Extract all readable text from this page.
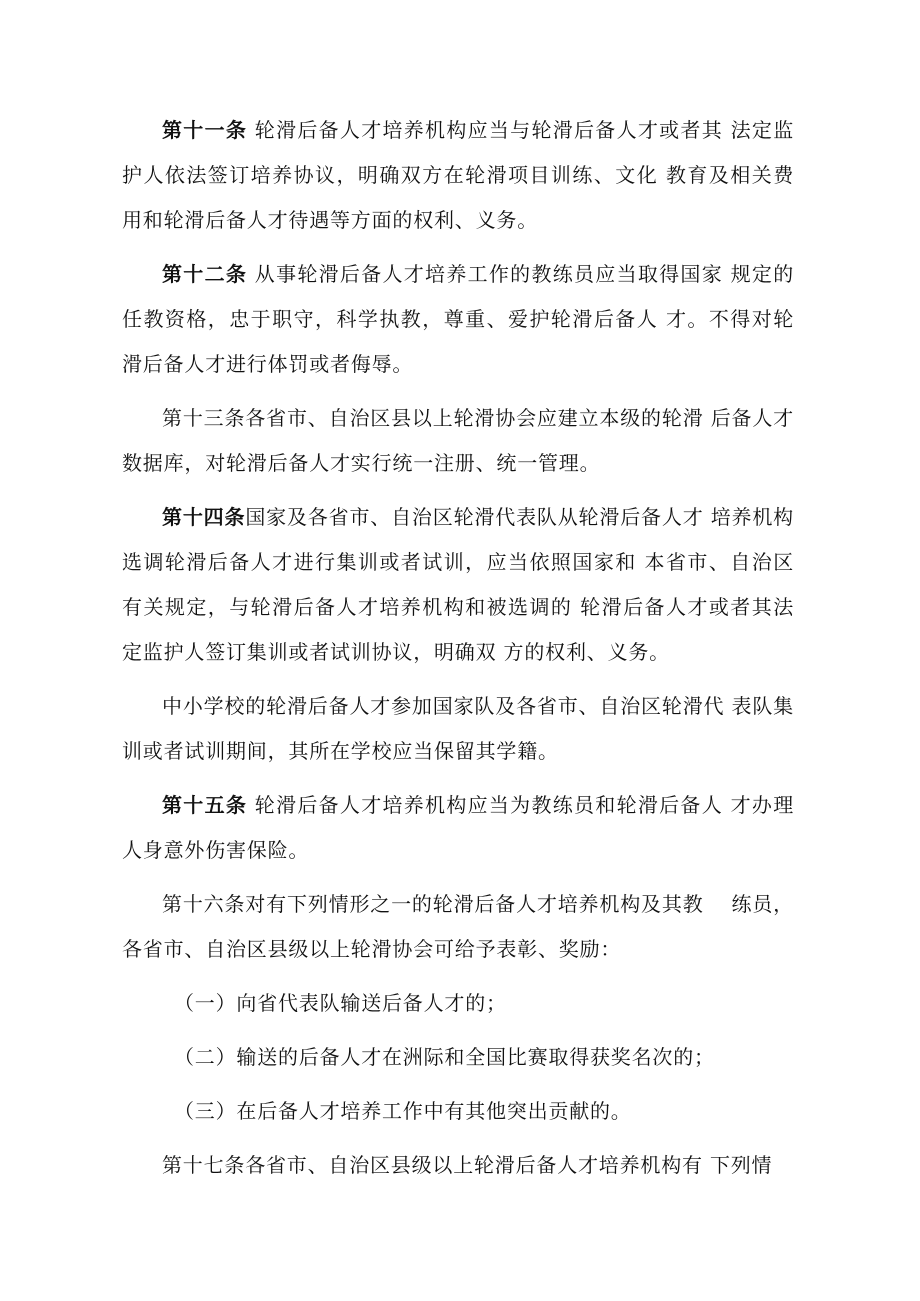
第十一条 轮滑后备人才培养机构应当与轮滑后备人才或者其 法定监护人依法签订培养协议，明确双方在轮滑项目训练、文化 教育及相关费用和轮滑后备人才待遇等方面的权利、义务。

第十二条 从事轮滑后备人才培养工作的教练员应当取得国家 规定的任教资格，忠于职守，科学执教，尊重、爱护轮滑后备人 才。不得对轮滑后备人才进行体罚或者侮辱。

第十三条各省市、自治区县以上轮滑协会应建立本级的轮滑 后备人才数据库，对轮滑后备人才实行统一注册、统一管理。

第十四条国家及各省市、自治区轮滑代表队从轮滑后备人才 培养机构选调轮滑后备人才进行集训或者试训，应当依照国家和 本省市、自治区有关规定，与轮滑后备人才培养机构和被选调的 轮滑后备人才或者其法定监护人签订集训或者试训协议，明确双 方的权利、义务。

中小学校的轮滑后备人才参加国家队及各省市、自治区轮滑代 表队集训或者试训期间，其所在学校应当保留其学籍。

第十五条 轮滑后备人才培养机构应当为教练员和轮滑后备人 才办理人身意外伤害保险。

第十六条对有下列情形之一的轮滑后备人才培养机构及其教　 练员，各省市、自治区县级以上轮滑协会可给予表彰、奖励：

（一）向省代表队输送后备人才的；

（二）输送的后备人才在洲际和全国比赛取得获奖名次的；

（三）在后备人才培养工作中有其他突出贡献的。

第十七条各省市、自治区县级以上轮滑后备人才培养机构有 下列情
